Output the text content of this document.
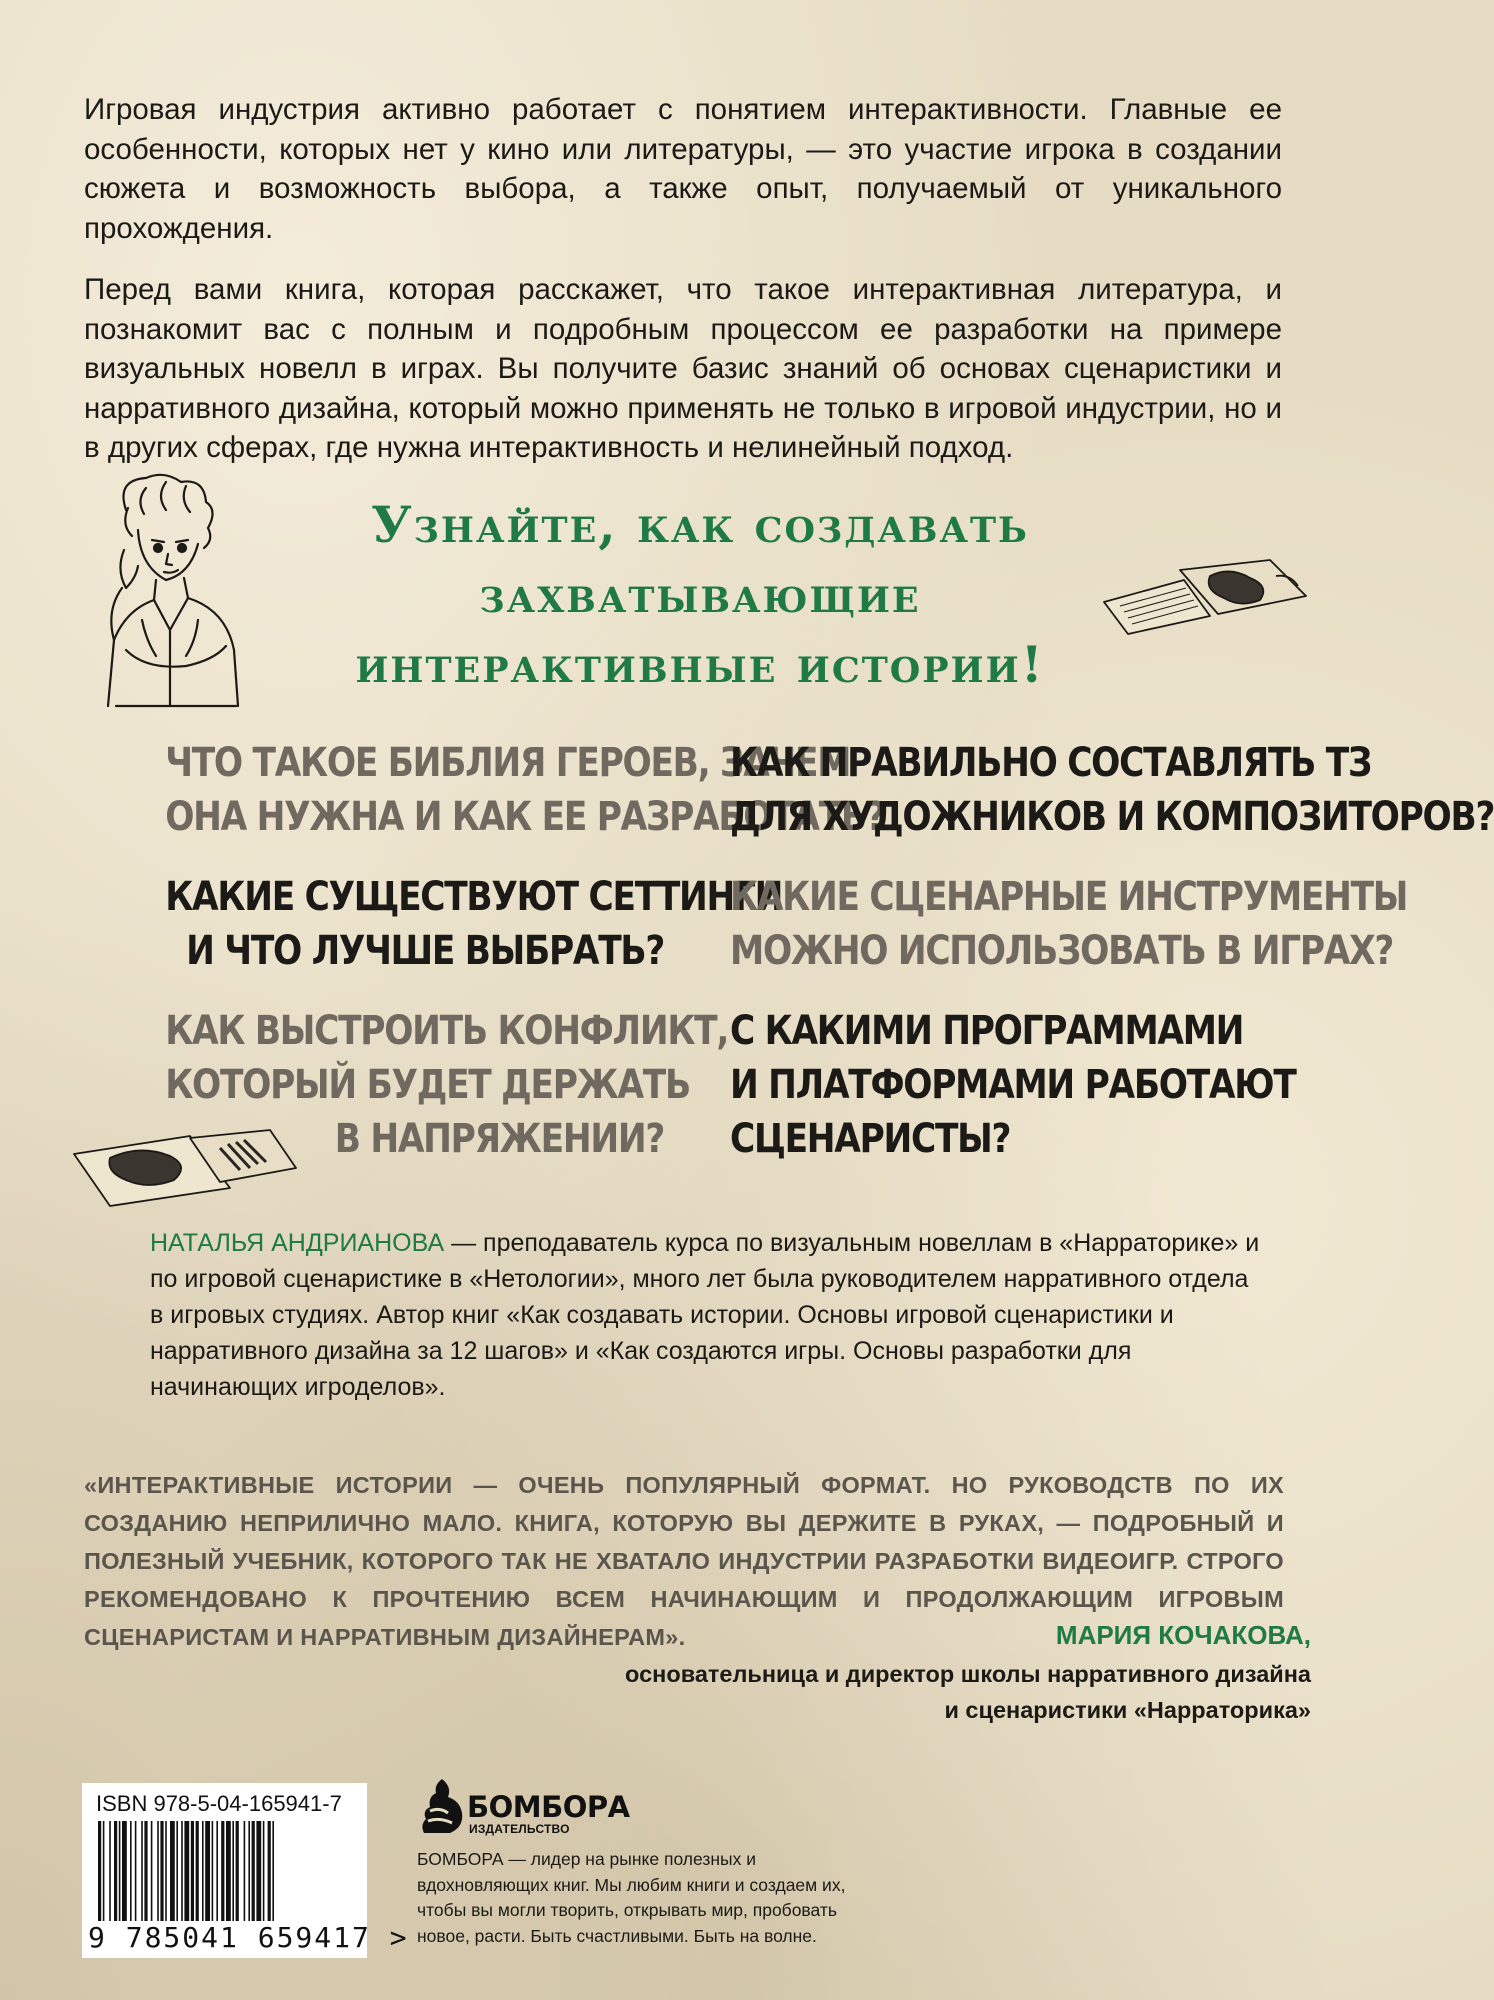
Игровая индустрия активно работает с понятием интерактивности. Главные ее особенности, которых нет у кино или литературы, — это участие игрока в создании сюжета и возможность выбора, а также опыт, получаемый от уникального прохождения.

Перед вами книга, которая расскажет, что такое интерактивная литература, и познакомит вас с полным и подробным процессом ее разработки на примере визуальных новелл в играх. Вы получите базис знаний об основах сценаристики и нарративного дизайна, который можно применять не только в игровой индустрии, но и в других сферах, где нужна интерактивность и нелинейный подход.

Узнайте, как создавать
захватывающие
интерактивные истории!
ЧТО ТАКОЕ БИБЛИЯ ГЕРОЕВ, ЗАЧЕМ
ОНА НУЖНА И КАК ЕЕ РАЗРАБОТАТЬ?
КАКИЕ СУЩЕСТВУЮТ СЕТТИНГИ
И ЧТО ЛУЧШЕ ВЫБРАТЬ?
КАК ВЫСТРОИТЬ КОНФЛИКТ,
КОТОРЫЙ БУДЕТ ДЕРЖАТЬ
В НАПРЯЖЕНИИ?
КАК ПРАВИЛЬНО СОСТАВЛЯТЬ ТЗ
ДЛЯ ХУДОЖНИКОВ И КОМПОЗИТОРОВ?
КАКИЕ СЦЕНАРНЫЕ ИНСТРУМЕНТЫ
МОЖНО ИСПОЛЬЗОВАТЬ В ИГРАХ?
С КАКИМИ ПРОГРАММАМИ
И ПЛАТФОРМАМИ РАБОТАЮТ
СЦЕНАРИСТЫ?
НАТАЛЬЯ АНДРИАНОВА — преподаватель курса по визуальным новеллам в «Нарраторике» и по игровой сценаристике в «Нетологии», много лет была руководителем нарративного отдела в игровых студиях. Автор книг «Как создавать истории. Основы игровой сценаристики и нарративного дизайна за 12 шагов» и «Как создаются игры. Основы разработки для начинающих игроделов».
«ИНТЕРАКТИВНЫЕ ИСТОРИИ — ОЧЕНЬ ПОПУЛЯРНЫЙ ФОРМАТ. НО РУКОВОДСТВ ПО ИХ СОЗДАНИЮ НЕПРИЛИЧНО МАЛО. КНИГА, КОТОРУЮ ВЫ ДЕРЖИТЕ В РУКАХ, — ПОДРОБНЫЙ И ПОЛЕЗНЫЙ УЧЕБНИК, КОТОРОГО ТАК НЕ ХВАТАЛО ИНДУСТРИИ РАЗРАБОТКИ ВИДЕОИГР. СТРОГО РЕКОМЕНДОВАНО К ПРОЧТЕНИЮ ВСЕМ НАЧИНАЮЩИМ И ПРОДОЛЖАЮЩИМ ИГРОВЫМ СЦЕНАРИСТАМ И НАРРАТИВНЫМ ДИЗАЙНЕРАМ».	МАРИЯ КОЧАКОВА,
основательница и директор школы нарративного дизайна
и сценаристики «Нарраторика»
ISBN 978-5-04-165941-7
9 785041 659417 >
БОМБОРА
ИЗДАТЕЛЬСТВО
БОМБОРА — лидер на рынке полезных и вдохновляющих книг. Мы любим книги и создаем их, чтобы вы могли творить, открывать мир, пробовать новое, расти. Быть счастливыми. Быть на волне.
